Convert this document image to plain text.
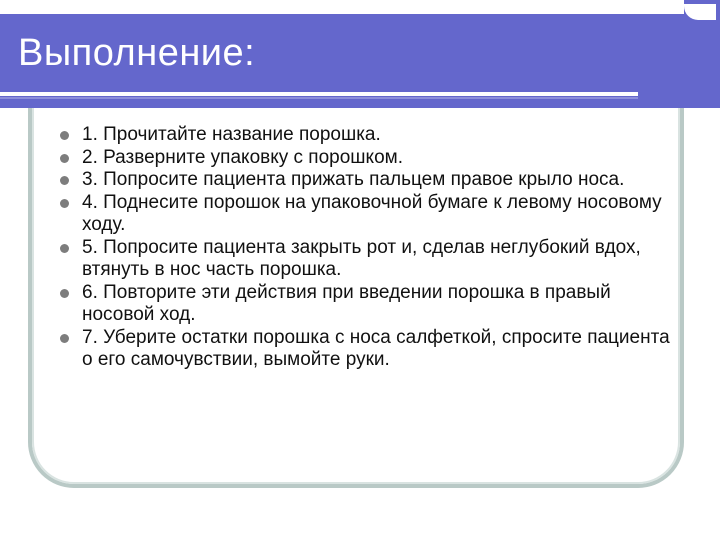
Выполнение:
1. Прочитайте название порошка.
2. Разверните упаковку с порошком.
3. Попросите пациента прижать пальцем правое крыло носа.
4. Поднесите порошок на упаковочной бумаге к левому носовому ходу.
5. Попросите пациента закрыть рот и, сделав неглубокий вдох, втянуть в нос часть порошка.
6. Повторите эти действия при введении порошка в правый носовой ход.
7. Уберите остатки порошка с носа салфеткой, спросите пациента о его самочувствии, вымойте руки.
